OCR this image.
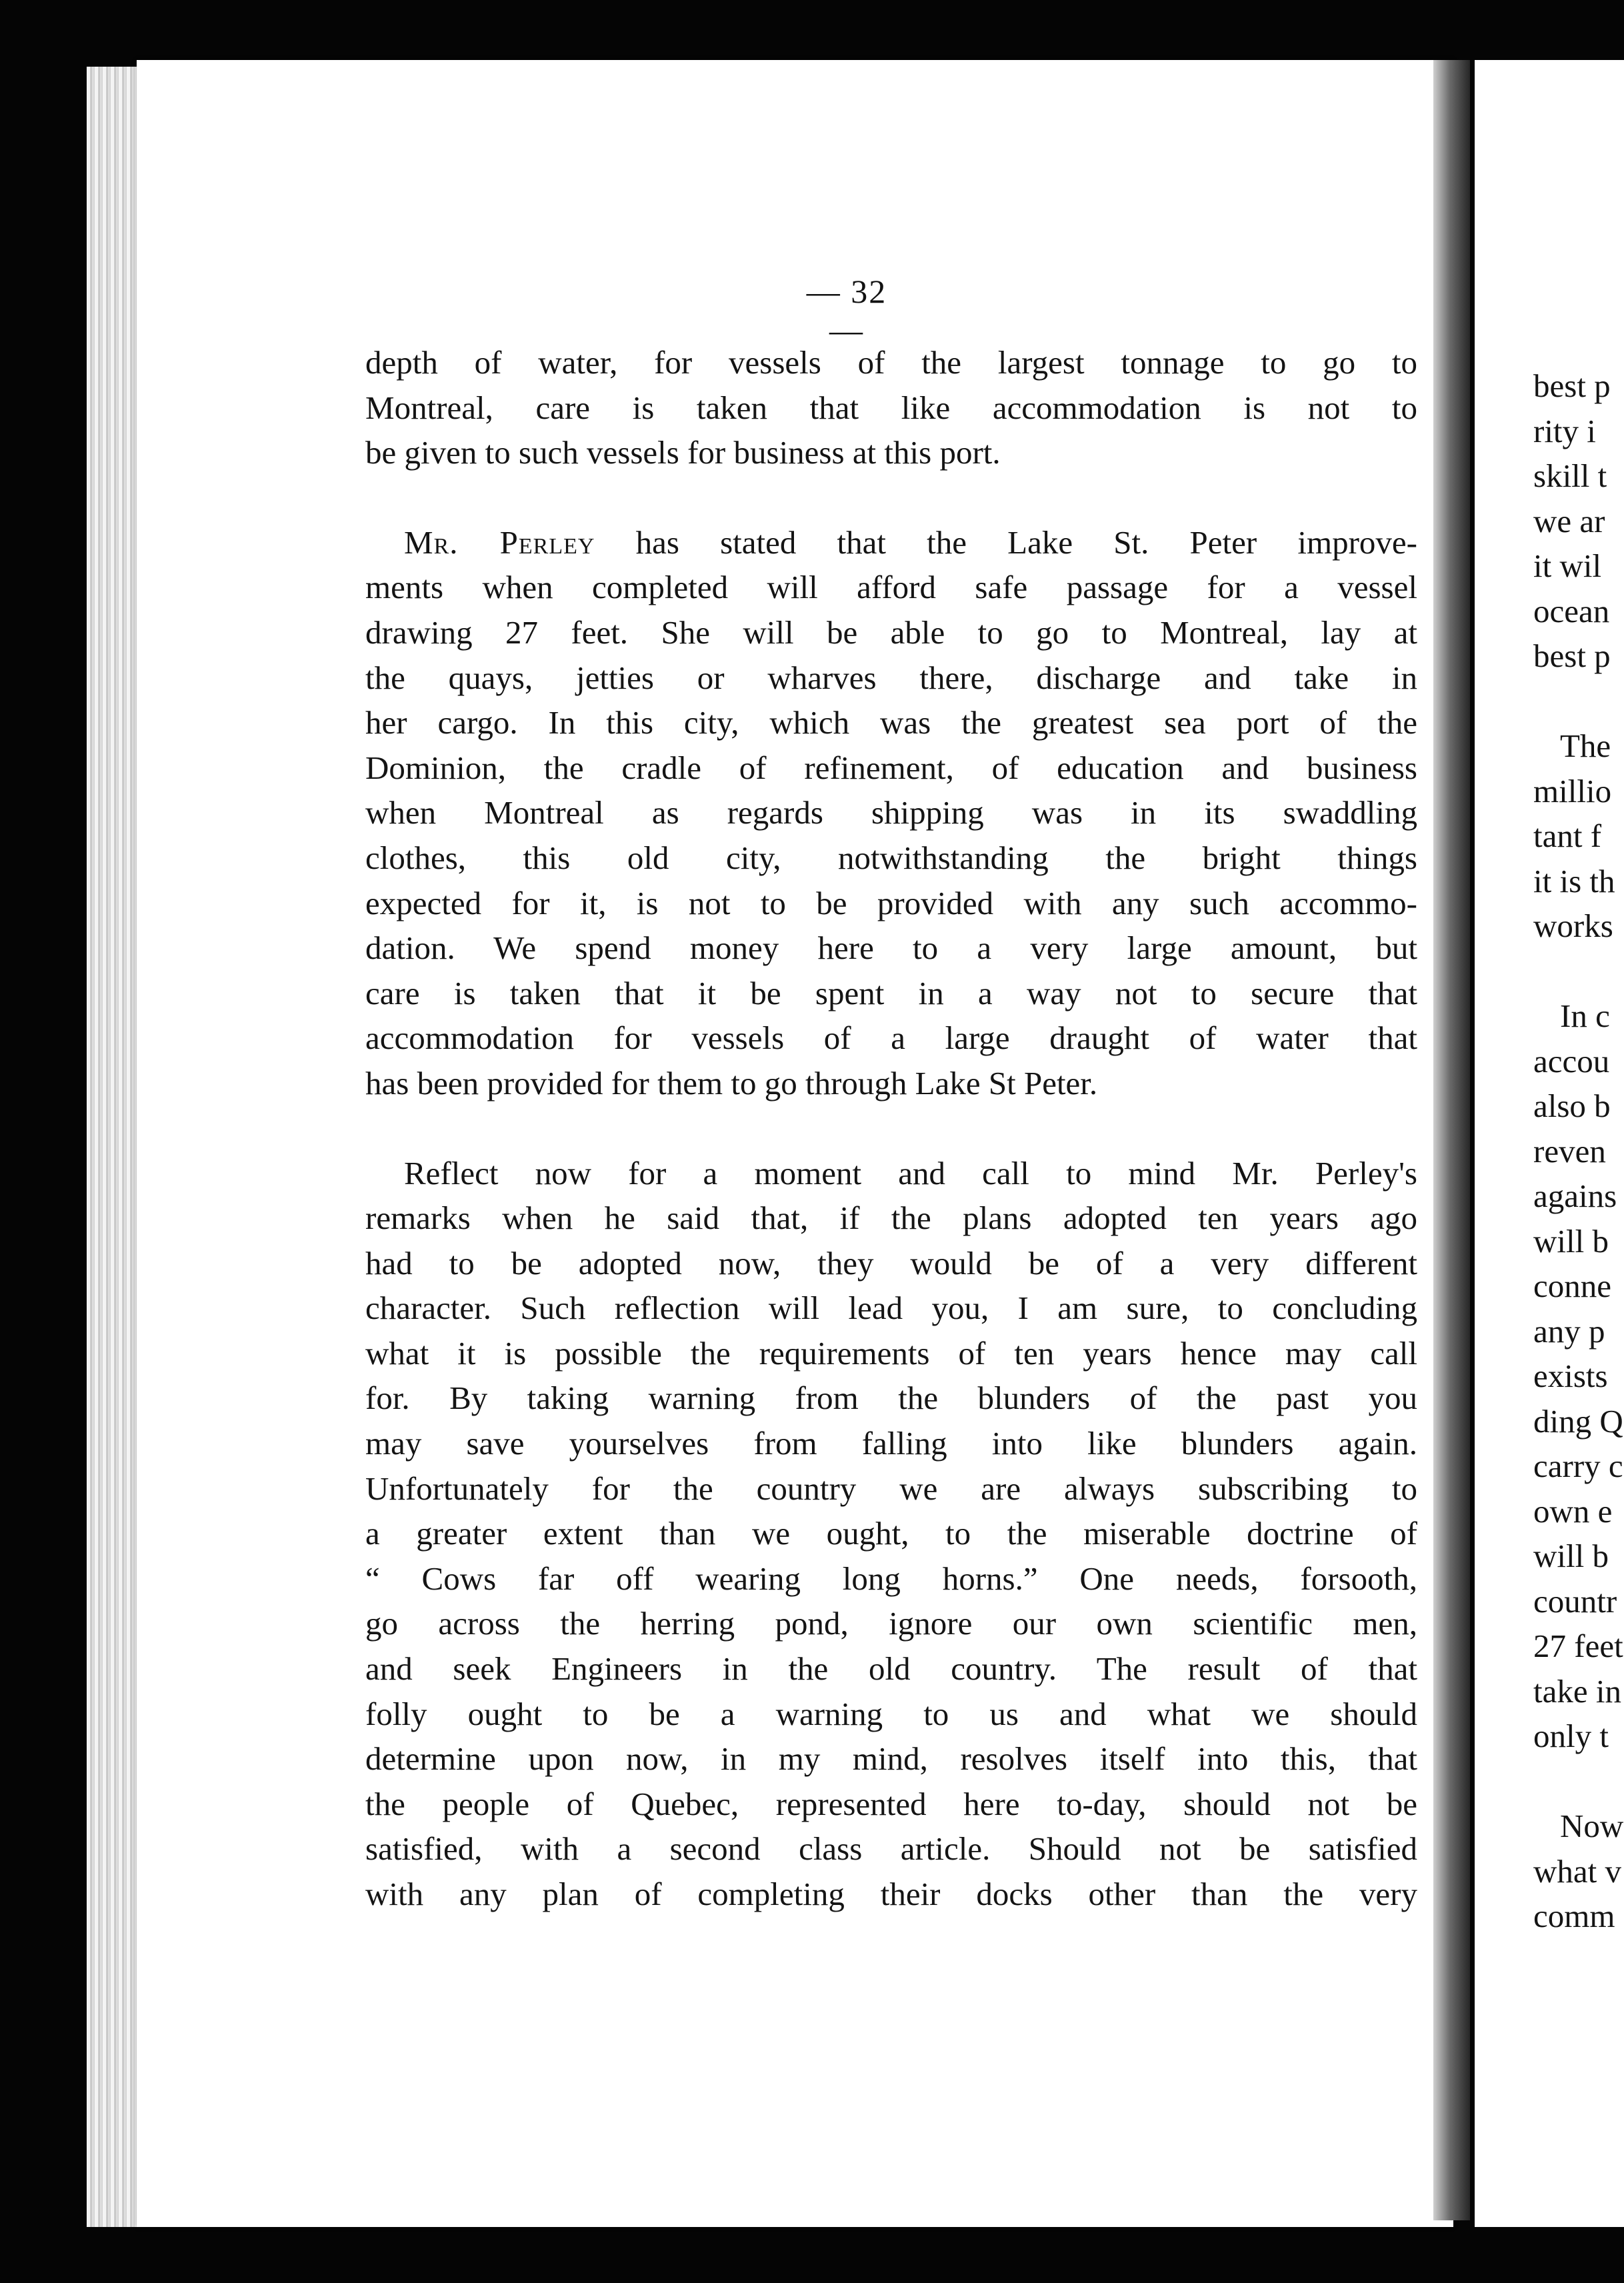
— 32 —
depth of water, for vessels of the largest tonnage to go to
Montreal, care is taken that like accommodation is not to
be given to such vessels for business at this port.
Mr. Perley has stated that the Lake St. Peter improve-
ments when completed will afford safe passage for a vessel
drawing 27 feet. She will be able to go to Montreal, lay at
the quays, jetties or wharves there, discharge and take in
her cargo. In this city, which was the greatest sea port of the
Dominion, the cradle of refinement, of education and business
when Montreal as regards shipping was in its swaddling
clothes, this old city, notwithstanding the bright things
expected for it, is not to be provided with any such accommo-
dation. We spend money here to a very large amount, but
care is taken that it be spent in a way not to secure that
accommodation for vessels of a large draught of water that
has been provided for them to go through Lake St Peter.
Reflect now for a moment and call to mind Mr. Perley's
remarks when he said that, if the plans adopted ten years ago
had to be adopted now, they would be of a very different
character. Such reflection will lead you, I am sure, to concluding
what it is possible the requirements of ten years hence may call
for. By taking warning from the blunders of the past you
may save yourselves from falling into like blunders again.
Unfortunately for the country we are always subscribing to
a greater extent than we ought, to the miserable doctrine of
“ Cows far off wearing long horns.” One needs, forsooth,
go across the herring pond, ignore our own scientific men,
and seek Engineers in the old country. The result of that
folly ought to be a warning to us and what we should
determine upon now, in my mind, resolves itself into this, that
the people of Quebec, represented here to-day, should not be
satisfied, with a second class article. Should not be satisfied
with any plan of completing their docks other than the very
best p
rity i
skill t
we ar
it wil
ocean
best p
The
millio
tant f
it is th
works
In c
accou
also b
reven
agains
will b
conne
any p
exists
ding Q
carry c
own e
will b
countr
27 feet
take in
only t
Now
what v
comm
